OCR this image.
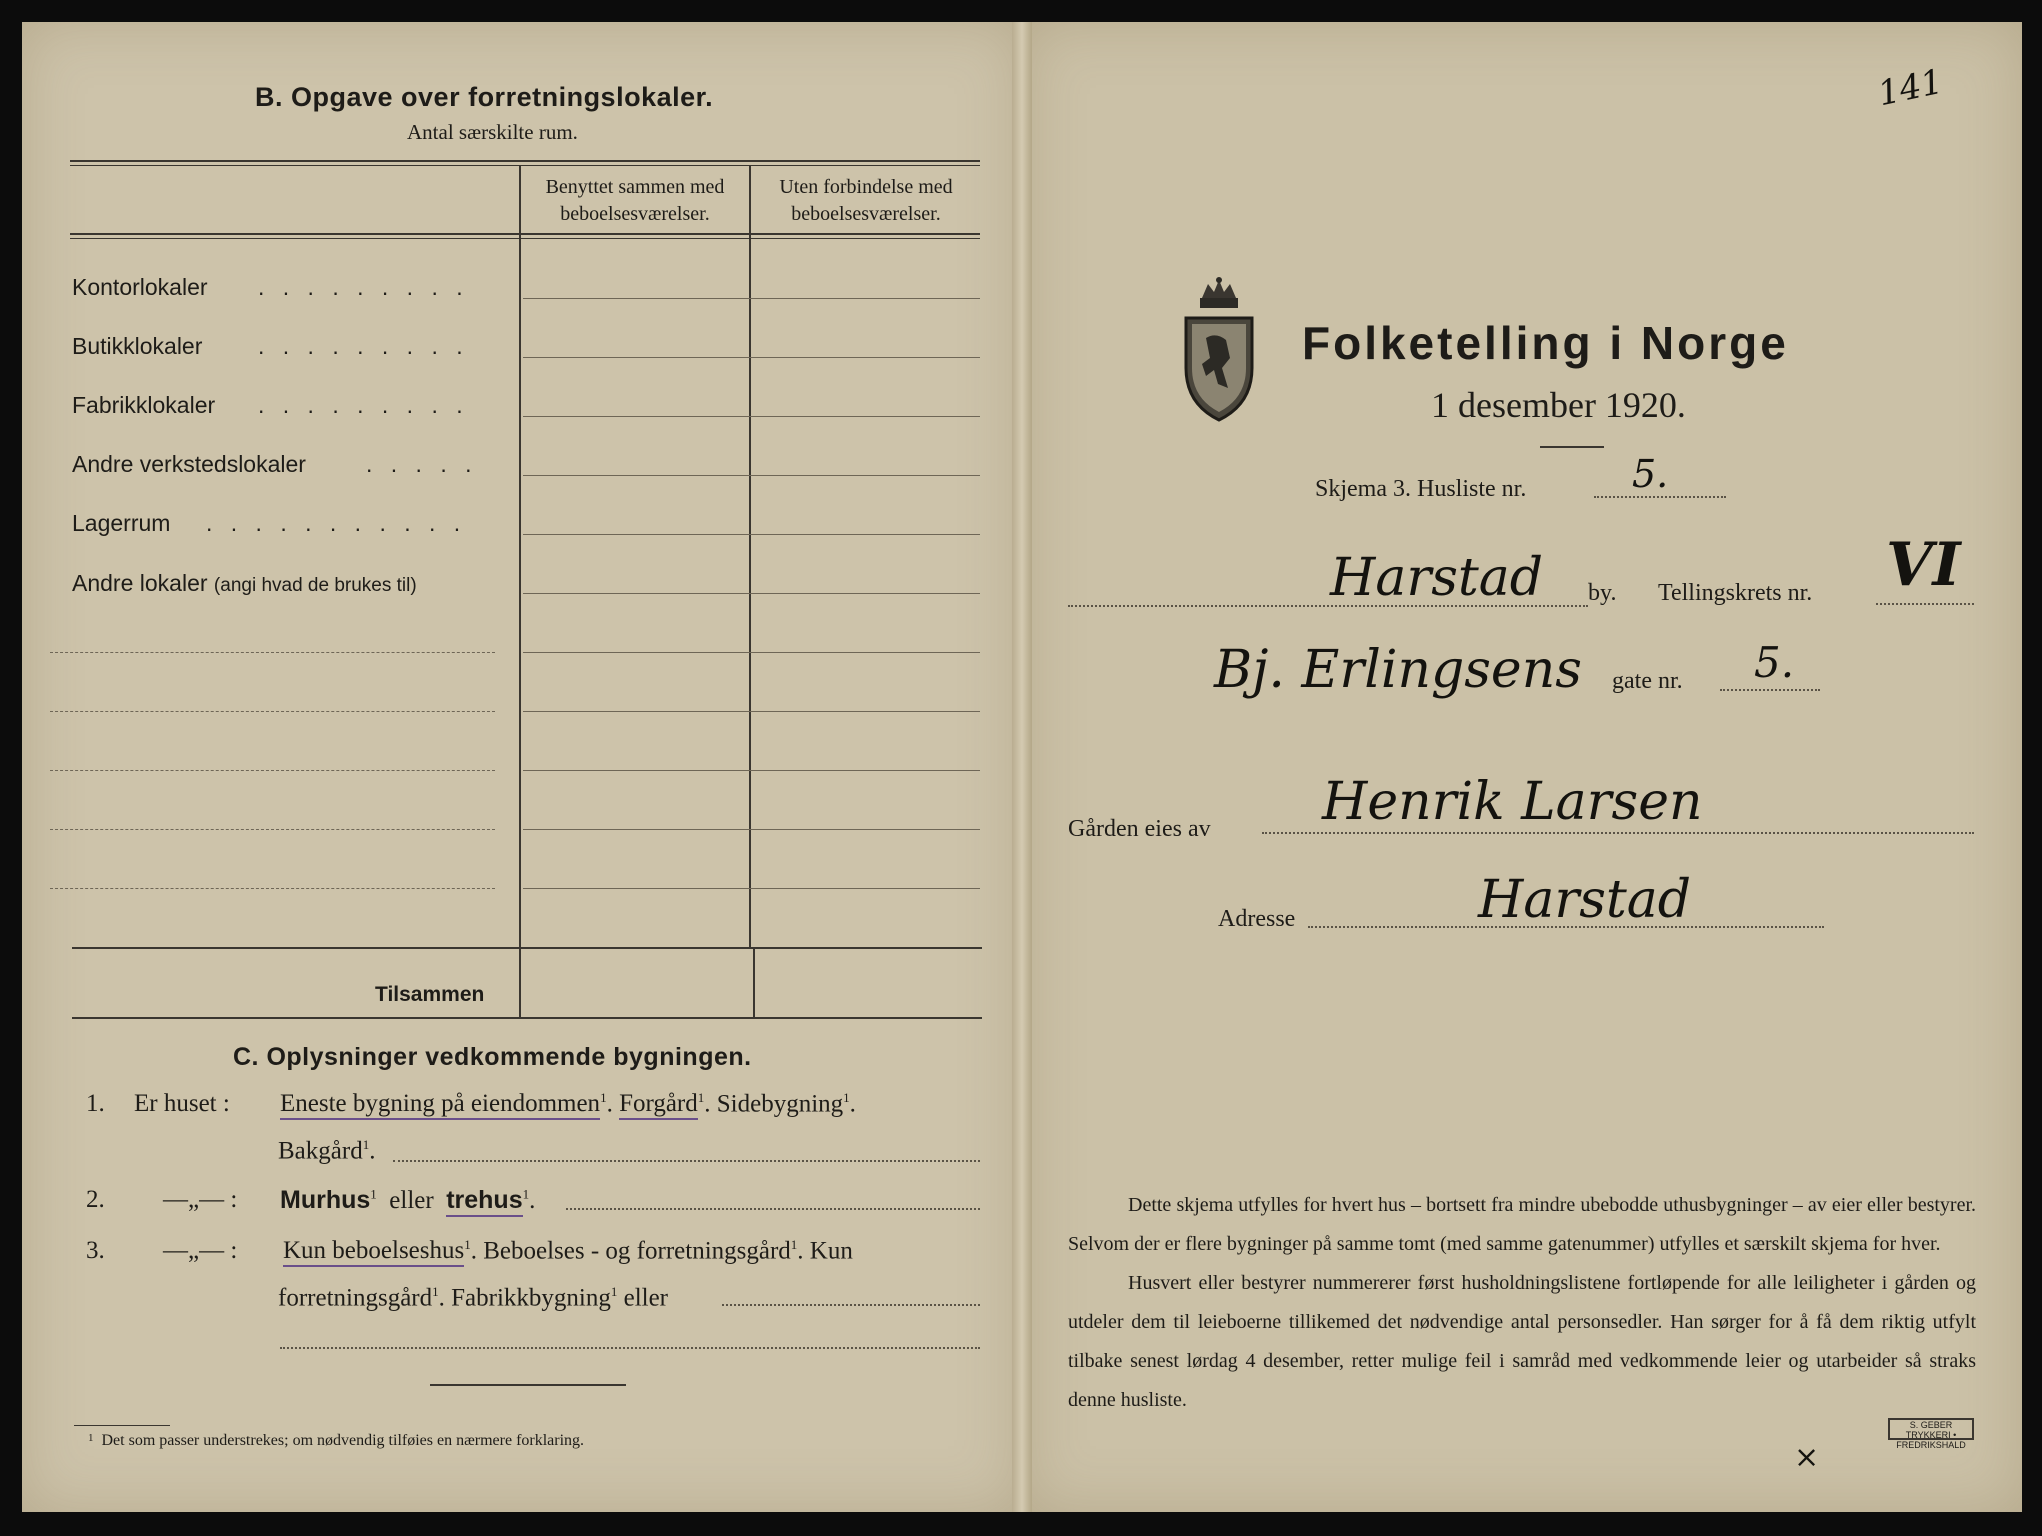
B. Opgave over forretningslokaler.
Antal særskilte rum.
Benyttet sammen med
beboelsesværelser.
Uten forbindelse med
beboelsesværelser.
Kontorlokaler . . . . . . . . .
Butikklokaler . . . . . . . . .
Fabrikklokaler . . . . . . . . .
Andre verkstedslokaler	. . . . .
Lagerrum . . . . . . . . . . .
Andre lokaler (angi hvad de brukes til)
Tilsammen
C. Oplysninger vedkommende bygningen.
1. Er huset : Eneste bygning på eiendommen$^1$. Forgård$^1$. Sidebygning$^1$.
Bakgård$^1$.
2. —„— : Murhus$^1$ eller trehus$^1$.
3. —„— : Kun beboelseshus$^1$. Beboelses - og forretningsgård$^1$. Kun
forretningsgård$^1$. Fabrikkbygning$^1$ eller
$^1$ Det som passer understrekes; om nødvendig tilføies en nærmere forklaring.
141
Folketelling i Norge
1 desember 1920.
Skjema 3. Husliste nr.	5.
Harstad by. Tellingskrets nr. VI
Bj. Erlingsens gate nr. 5.
Gården eies av Henrik Larsen
Adresse	Harstad

Dette skjema utfylles for hvert hus – bortsett fra mindre ubebodde uthusbygninger – av eier eller bestyrer. Selvom der er flere bygninger på samme tomt (med samme gatenummer) utfylles et særskilt skjema for hver.

Husvert eller bestyrer nummererer først husholdningslistene fortløpende for alle leiligheter i gården og utdeler dem til leieboerne tillikemed det nødvendige antal personsedler. Han sørger for å få dem riktig utfylt tilbake senest lørdag 4 desember, retter mulige feil i samråd med vedkommende leier og utarbeider så straks denne husliste.

S. GEBER TRYKKERI • FREDRIKSHALD
×
